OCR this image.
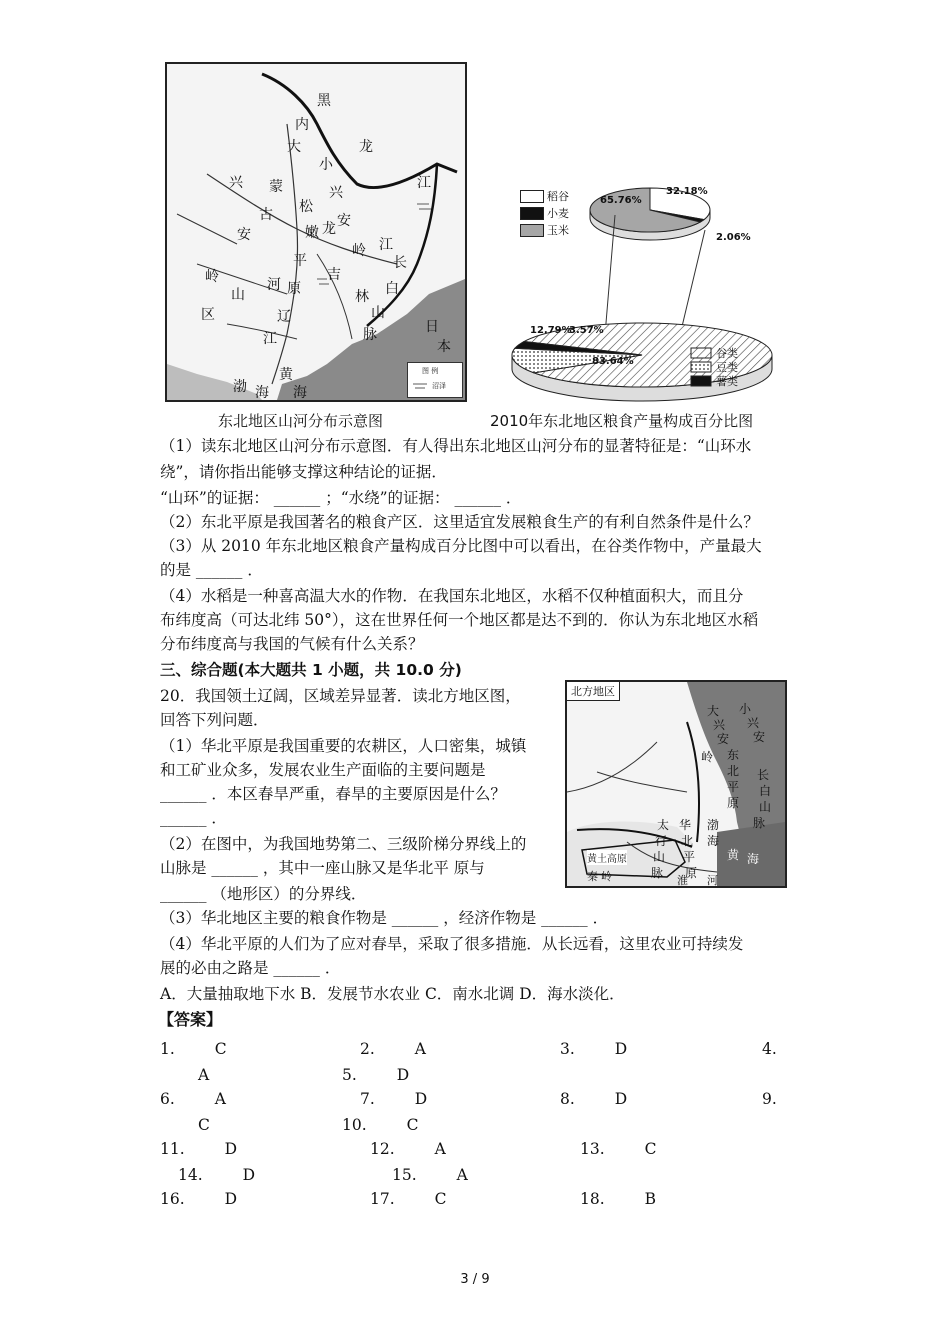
黑
龙
江
大
内
兴
小
兴
安
岭
蒙
古 松
嫩
平
原
龙
江
安
岭	吉
林
长
白
山
脉
山
区
江
辽
河
渤 海
黄
海
日
本
图 例
沼泽
东北地区山河分布示意图
稻谷
小麦
玉米
谷类
豆类
薯类
32.18%
2.06%
65.76%
83.64%
12.79%
3.57%
2010年东北地区粮食产量构成百分比图
（1）读东北地区山河分布示意图．有人得出东北地区山河分布的显著特征是：“山环水
绕”，请你指出能够支撑这种结论的证据．
“山环”的证据： ______ ；“水绕”的证据： ______ ．
（2）东北平原是我国著名的粮食产区．这里适宜发展粮食生产的有利自然条件是什么？
（3）从 2010 年东北地区粮食产量构成百分比图中可以看出，在谷类作物中，产量最大
的是 ______ ．
（4）水稻是一种喜高温大水的作物．在我国东北地区，水稻不仅种植面积大，而且分
布纬度高（可达北纬 50°），这在世界任何一个地区都是达不到的．你认为东北地区水稻
分布纬度高与我国的气候有什么关系？
三、综合题(本大题共 1 小题，共 10.0 分)
20．我国领土辽阔，区域差异显著．读北方地区图，
回答下列问题．
（1）华北平原是我国重要的农耕区，人口密集，城镇
和工矿业众多，发展农业生产面临的主要问题是
______ ．本区春旱严重，春旱的主要原因是什么？
______ ．
（2）在图中，为我国地势第二、三级阶梯分界线上的
山脉是 ______ ，其中一座山脉又是华北平 原与
______ （地形区）的分界线．
（3）华北地区主要的粮食作物是 ______ ，经济作物是 ______ ．
（4）华北平原的人们为了应对春旱，采取了很多措施．从长远看，这里农业可持续发
展的必由之路是 ______ ．
A．大量抽取地下水 B．发展节水农业 C．南水北调 D．海水淡化．
北方地区
大
兴
安
岭
小
兴
安
东
北
平
原
长
白
山
脉
黄土高原
太
行
山
脉
华
北
平
原
黄 海
渤
海
秦 岭	淮 河
【答案】
1.	C	2.	A	3.	D	4.
A	5.	D
6.	A	7.	D	8.	D	9.
C	10.	C
11.	D	12.	A	13.	C
14.	D	15.	A
16.	D	17.	C	18.	B
3 / 9
